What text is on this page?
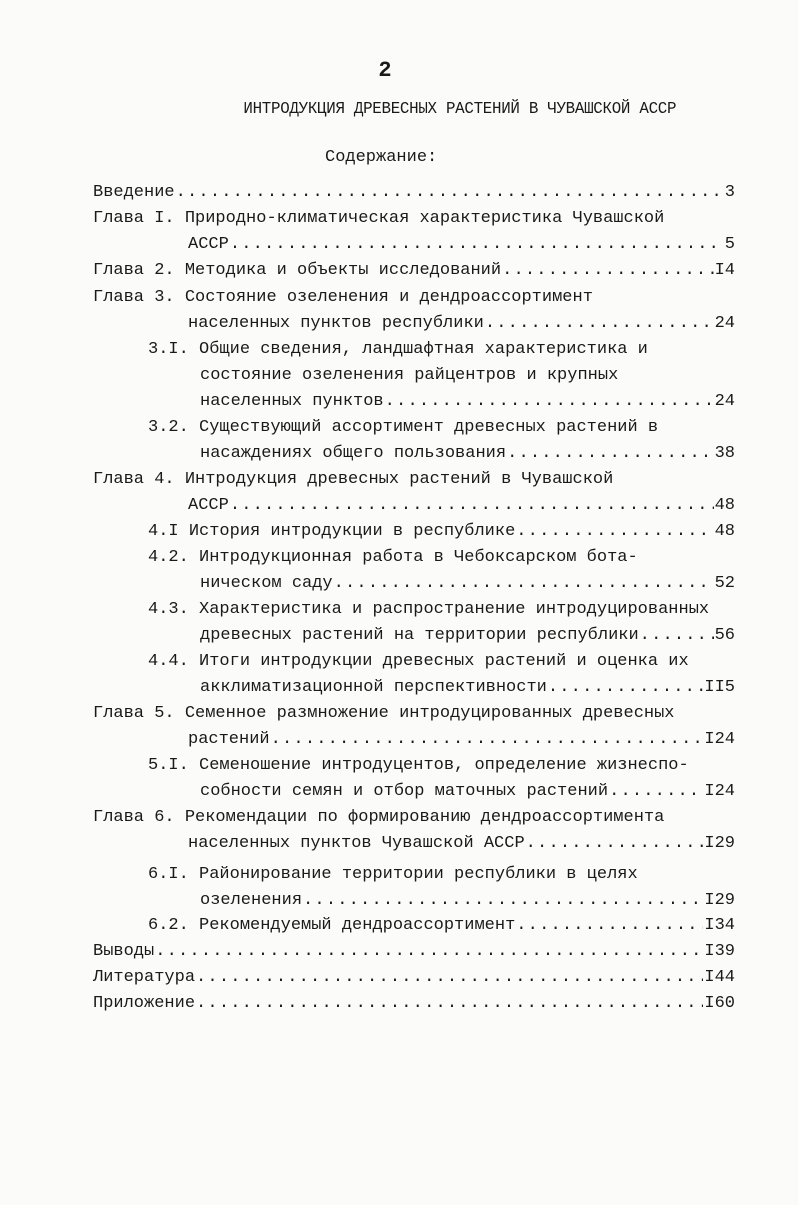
2
ИНТРОДУКЦИЯ ДРЕВЕСНЫХ РАСТЕНИЙ В ЧУВАШСКОЙ АССР
Содержание:
Введение .....	3
Глава I.
Природно-климатическая характеристика Чувашской
АССР .....	5
Глава 2.
Методика и объекты исследований .....	I4
Глава 3.
Состояние озеленения и дендроассортимент
населенных пунктов республики .....	24
3.I.
Общие сведения, ландшафтная характеристика и
состояние озеленения райцентров и крупных
населенных пунктов .....	24
3.2.
Существующий ассортимент древесных растений в
насаждениях общего пользования .....	38
Глава 4.
Интродукция древесных растений в Чувашской
АССР .....	48
4.I
История интродукции в республике .....	48
4.2.
Интродукционная работа в Чебоксарском бота-
ническом саду .....	52
4.3.
Характеристика и распространение интродуцированных
древесных растений на территории республики .....	56
4.4.
Итоги интродукции древесных растений и оценка их
акклиматизационной перспективности .....	II5
Глава 5.
Семенное размножение интродуцированных древесных
растений .....	I24
5.I.
Семеношение интродуцентов, определение жизнеспо-
собности семян и отбор маточных растений .....	I24
Глава 6.
Рекомендации по формированию дендроассортимента
населенных пунктов Чувашской АССР .....	I29
6.I.
Районирование территории республики в целях
озеленения .....	I29
6.2.
Рекомендуемый дендроассортимент .....	I34
Выводы .....	I39
Литература .....	I44
Приложение .....	I60
